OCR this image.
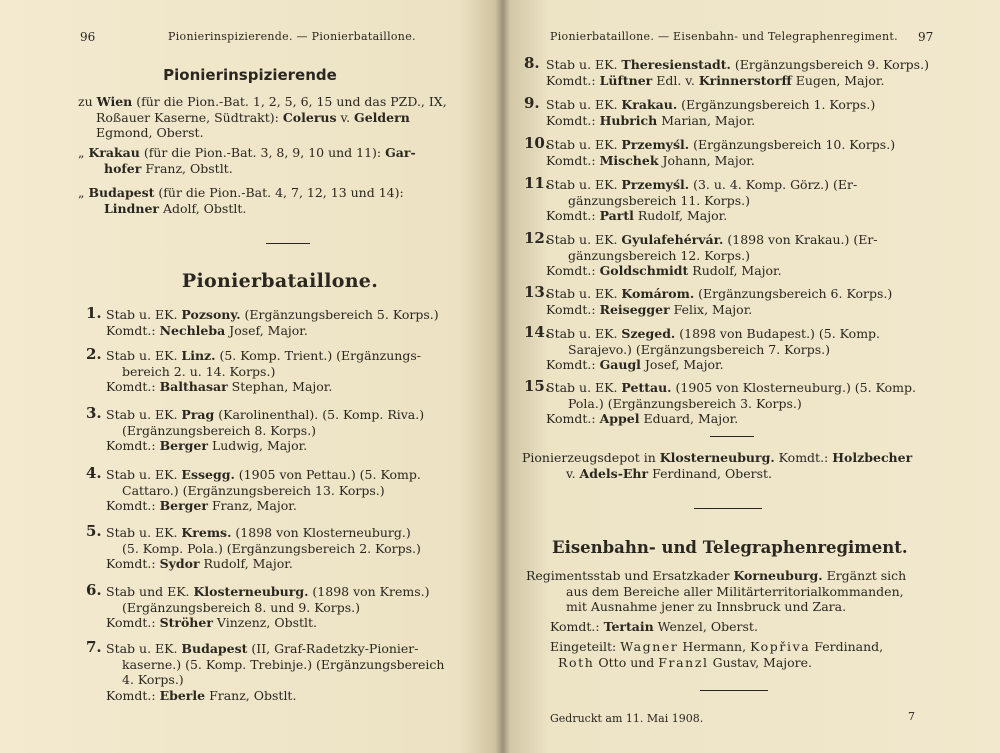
96	Pionierinspizierende. — Pionierbataillone.
Pionierinspizierende
zu Wien (für die Pion.-Bat. 1, 2, 5, 6, 15 und das PZD., IX,
Roßauer Kaserne, Südtrakt): Colerus v. Geldern
Egmond, Oberst.
„ Krakau (für die Pion.-Bat. 3, 8, 9, 10 und 11): Gar-
hofer Franz, Obstlt.
„ Budapest (für die Pion.-Bat. 4, 7, 12, 13 und 14):
Lindner Adolf, Obstlt.
Pionierbataillone.
1. Stab u. EK. Pozsony. (Ergänzungsbereich 5. Korps.)
Komdt.: Nechleba Josef, Major.
2. Stab u. EK. Linz. (5. Komp. Trient.) (Ergänzungs-
bereich 2. u. 14. Korps.)
Komdt.: Balthasar Stephan, Major.
3. Stab u. EK. Prag (Karolinenthal). (5. Komp. Riva.)
(Ergänzungsbereich 8. Korps.)
Komdt.: Berger Ludwig, Major.
4. Stab u. EK. Essegg. (1905 von Pettau.) (5. Komp.
Cattaro.) (Ergänzungsbereich 13. Korps.)
Komdt.: Berger Franz, Major.
5. Stab u. EK. Krems. (1898 von Klosterneuburg.)
(5. Komp. Pola.) (Ergänzungsbereich 2. Korps.)
Komdt.: Sydor Rudolf, Major.
6. Stab und EK. Klosterneuburg. (1898 von Krems.)
(Ergänzungsbereich 8. und 9. Korps.)
Komdt.: Ströher Vinzenz, Obstlt.
7. Stab u. EK. Budapest (II, Graf-Radetzky-Pionier-
kaserne.) (5. Komp. Trebinje.) (Ergänzungsbereich
4. Korps.)
Komdt.: Eberle Franz, Obstlt.
Pionierbataillone. — Eisenbahn- und Telegraphenregiment. 97
8. Stab u. EK. Theresienstadt. (Ergänzungsbereich 9. Korps.)
Komdt.: Lüftner Edl. v. Krinnerstorff Eugen, Major.
9. Stab u. EK. Krakau. (Ergänzungsbereich 1. Korps.)
Komdt.: Hubrich Marian, Major.
10.
Stab u. EK. Przemyśl. (Ergänzungsbereich 10. Korps.)
Komdt.: Mischek Johann, Major.
11.
Stab u. EK. Przemyśl. (3. u. 4. Komp. Görz.) (Er-
gänzungsbereich 11. Korps.)
Komdt.: Partl Rudolf, Major.
12.
Stab u. EK. Gyulafehérvár. (1898 von Krakau.) (Er-
gänzungsbereich 12. Korps.)
Komdt.: Goldschmidt Rudolf, Major.
13.
Stab u. EK. Komárom. (Ergänzungsbereich 6. Korps.)
Komdt.: Reisegger Felix, Major.
14.
Stab u. EK. Szeged. (1898 von Budapest.) (5. Komp.
Sarajevo.) (Ergänzungsbereich 7. Korps.)
Komdt.: Gaugl Josef, Major.
15.
Stab u. EK. Pettau. (1905 von Klosterneuburg.) (5. Komp.
Pola.) (Ergänzungsbereich 3. Korps.)
Komdt.: Appel Eduard, Major.
Pionierzeugsdepot in Klosterneuburg. Komdt.: Holzbecher
v. Adels-Ehr Ferdinand, Oberst.
Eisenbahn- und Telegraphenregiment.
Regimentsstab und Ersatzkader Korneuburg. Ergänzt sich
aus dem Bereiche aller Militärterritorialkommanden,
mit Ausnahme jener zu Innsbruck und Zara.
Komdt.: Tertain Wenzel, Oberst.
Eingeteilt: Wagner Hermann, Kopřiva Ferdinand,
Roth Otto und Franzl Gustav, Majore.
Gedruckt am 11. Mai 1908.	7
